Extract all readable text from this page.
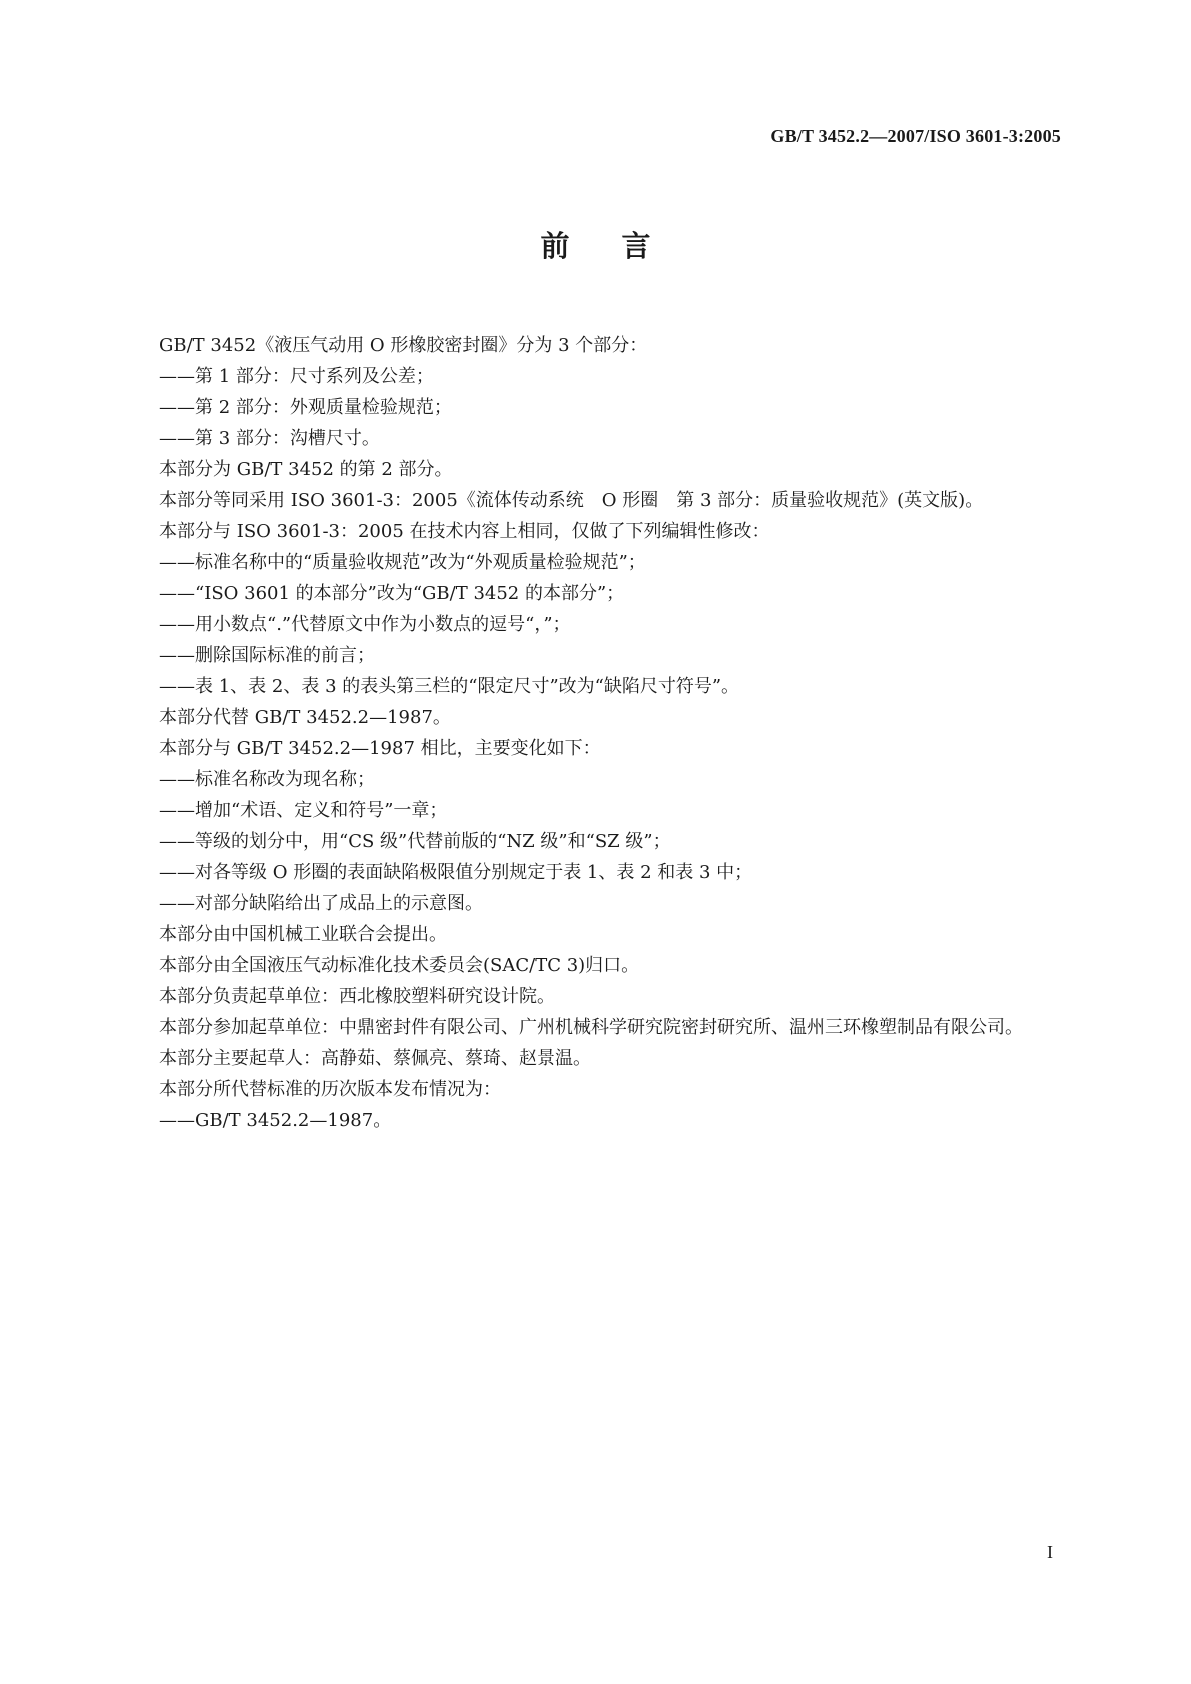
GB/T 3452.2—2007/ISO 3601-3:2005
前言

GB/T 3452《液压气动用 O 形橡胶密封圈》分为 3 个部分：

——第 1 部分：尺寸系列及公差；

——第 2 部分：外观质量检验规范；

——第 3 部分：沟槽尺寸。

本部分为 GB/T 3452 的第 2 部分。

本部分等同采用 ISO 3601-3：2005《流体传动系统　O 形圈　第 3 部分：质量验收规范》(英文版)。

本部分与 ISO 3601-3：2005 在技术内容上相同，仅做了下列编辑性修改：

——标准名称中的“质量验收规范”改为“外观质量检验规范”；

——“ISO 3601 的本部分”改为“GB/T 3452 的本部分”；

——用小数点“.”代替原文中作为小数点的逗号“，”；

——删除国际标准的前言；

——表 1、表 2、表 3 的表头第三栏的“限定尺寸”改为“缺陷尺寸符号”。

本部分代替 GB/T 3452.2—1987。

本部分与 GB/T 3452.2—1987 相比，主要变化如下：

——标准名称改为现名称；

——增加“术语、定义和符号”一章；

——等级的划分中，用“CS 级”代替前版的“NZ 级”和“SZ 级”；

——对各等级 O 形圈的表面缺陷极限值分别规定于表 1、表 2 和表 3 中；

——对部分缺陷给出了成品上的示意图。

本部分由中国机械工业联合会提出。

本部分由全国液压气动标准化技术委员会(SAC/TC 3)归口。

本部分负责起草单位：西北橡胶塑料研究设计院。

本部分参加起草单位：中鼎密封件有限公司、广州机械科学研究院密封研究所、温州三环橡塑制品有限公司。

本部分主要起草人：高静茹、蔡佩亮、蔡琦、赵景温。

本部分所代替标准的历次版本发布情况为：

——GB/T 3452.2—1987。

I
